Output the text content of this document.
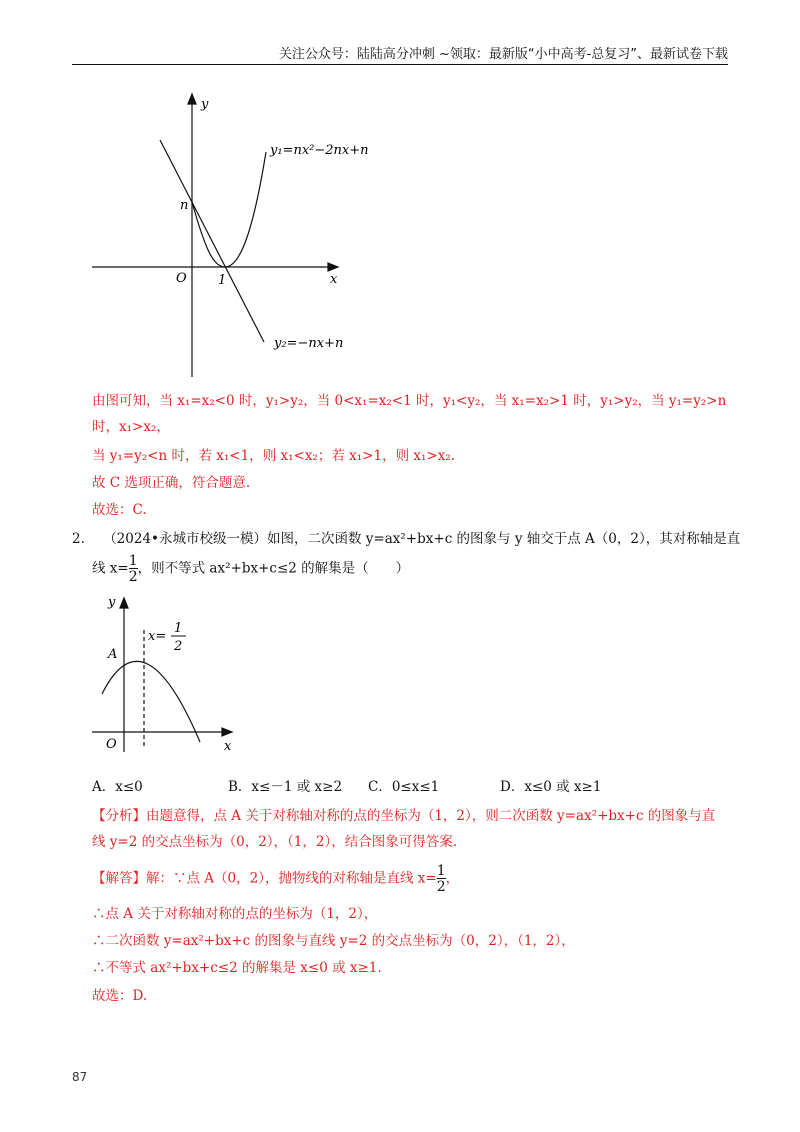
关注公众号：陆陆高分冲刺 ~领取：最新版“小中高考-总复习”、最新试卷下载
y
x
O
n
1
y₁=nx²−2nx+n
y₂=−nx+n
由图可知，当 x₁=x₂<0 时，y₁>y₂，当 0<x₁=x₂<1 时，y₁<y₂，当 x₁=x₂>1 时，y₁>y₂，当 y₁=y₂>n
时，x₁>x₂，
当 y₁=y₂<n 时，若 x₁<1，则 x₁<x₂；若 x₁>1，则 x₁>x₂.
故 C 选项正确，符合题意.
故选：C.
2. （2024•永城市校级一模）如图，二次函数 y=ax²+bx+c 的图象与 y 轴交于点 A（0，2），其对称轴是直
线 $x= \frac{1}{2}$ ，则不等式 ax²+bx+c≤2 的解集是（　　）
y
x
O
A
x=
1
2
A．x≤0	B．x≤－1 或 x≥2 C．0≤x≤1	D．x≤0 或 x≥1
【分析】由题意得，点 A 关于对称轴对称的点的坐标为（1，2），则二次函数 y=ax²+bx+c 的图象与直
线 y=2 的交点坐标为（0，2），（1，2），结合图象可得答案.
【解答】解：∵点 A（0，2），抛物线的对称轴是直线 $x= \frac{1}{2}$ ，
∴点 A 关于对称轴对称的点的坐标为（1，2），
∴二次函数 y=ax²+bx+c 的图象与直线 y=2 的交点坐标为（0，2），（1，2），
∴不等式 ax²+bx+c≤2 的解集是 x≤0 或 x≥1.
故选：D.
87
